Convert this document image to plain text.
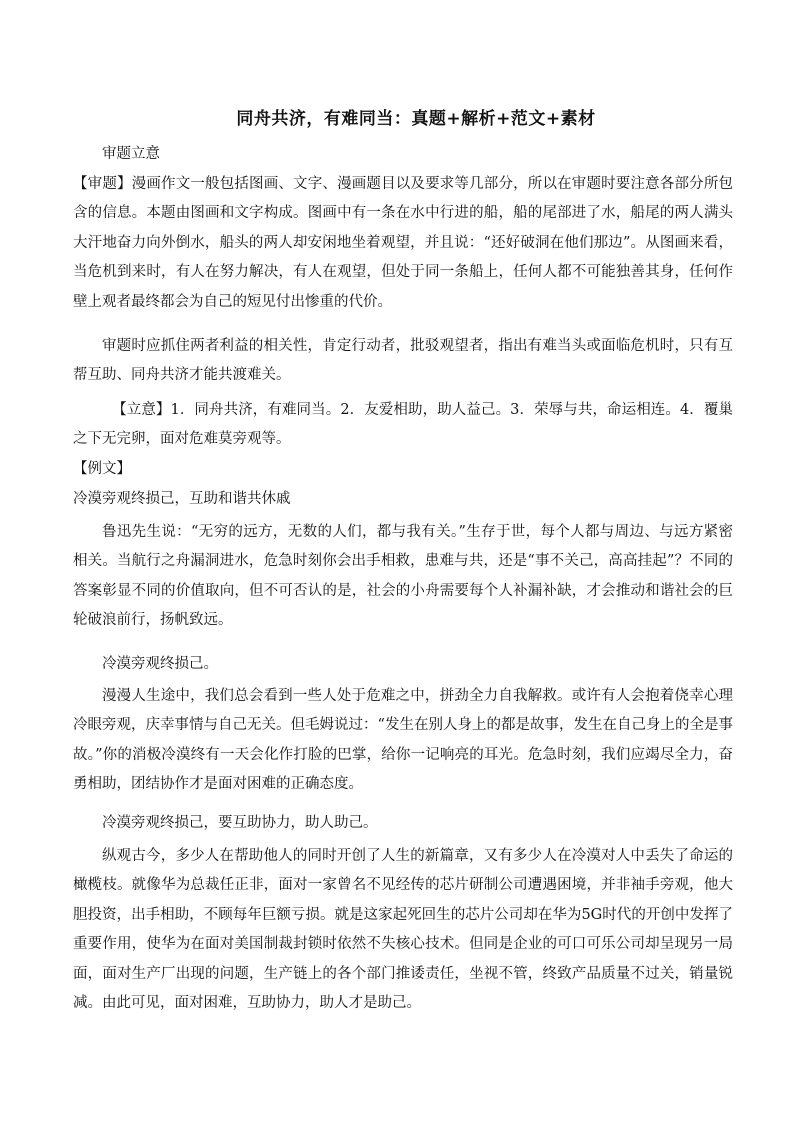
同舟共济，有难同当：真题+解析+范文+素材

审题立意

【审题】漫画作文一般包括图画、文字、漫画题目以及要求等几部分，所以在审题时要注意各部分所包含的信息。本题由图画和文字构成。图画中有一条在水中行进的船，船的尾部进了水，船尾的两人满头大汗地奋力向外倒水，船头的两人却安闲地坐着观望，并且说：“还好破洞在他们那边”。从图画来看，当危机到来时，有人在努力解决，有人在观望，但处于同一条船上，任何人都不可能独善其身，任何作壁上观者最终都会为自己的短见付出惨重的代价。

审题时应抓住两者利益的相关性，肯定行动者，批驳观望者，指出有难当头或面临危机时，只有互帮互助、同舟共济才能共渡难关。

【立意】1．同舟共济，有难同当。2．友爱相助，助人益己。3．荣辱与共，命运相连。4．覆巢之下无完卵，面对危难莫旁观等。

【例文】

冷漠旁观终损己，互助和谐共休戚

鲁迅先生说：“无穷的远方，无数的人们，都与我有关。”生存于世，每个人都与周边、与远方紧密相关。当航行之舟漏洞进水，危急时刻你会出手相救，患难与共，还是“事不关己，高高挂起”？不同的答案彰显不同的价值取向，但不可否认的是，社会的小舟需要每个人补漏补缺，才会推动和谐社会的巨轮破浪前行，扬帆致远。

冷漠旁观终损己。

漫漫人生途中，我们总会看到一些人处于危难之中，拼劲全力自我解救。或许有人会抱着侥幸心理冷眼旁观，庆幸事情与自己无关。但毛姆说过：“发生在别人身上的都是故事，发生在自己身上的全是事故。”你的消极冷漠终有一天会化作打脸的巴掌，给你一记响亮的耳光。危急时刻，我们应竭尽全力，奋勇相助，团结协作才是面对困难的正确态度。

冷漠旁观终损己，要互助协力，助人助己。

纵观古今，多少人在帮助他人的同时开创了人生的新篇章，又有多少人在冷漠对人中丢失了命运的橄榄枝。就像华为总裁任正非，面对一家曾名不见经传的芯片研制公司遭遇困境，并非袖手旁观，他大胆投资，出手相助，不顾每年巨额亏损。就是这家起死回生的芯片公司却在华为5G时代的开创中发挥了重要作用，使华为在面对美国制裁封锁时依然不失核心技术。但同是企业的可口可乐公司却呈现另一局面，面对生产厂出现的问题，生产链上的各个部门推诿责任，坐视不管，终致产品质量不过关，销量锐减。由此可见，面对困难，互助协力，助人才是助己。
